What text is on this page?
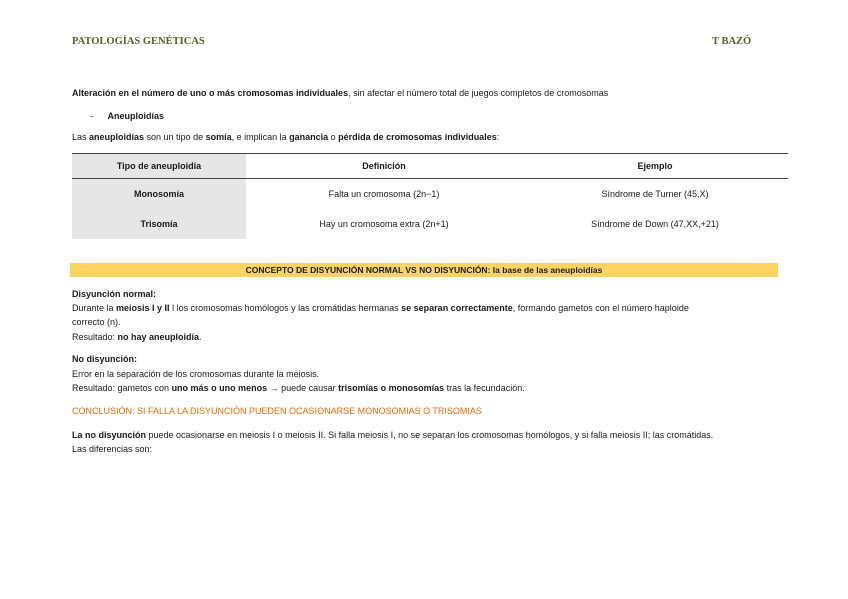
PATOLOGÍAS GENÉTICAS	T BAZÓ
Alteración en el número de uno o más cromosomas individuales, sin afectar el número total de juegos completos de cromosomas
- Aneuploidías
Las aneuploidías son un tipo de somía, e implican la ganancia o pérdida de cromosomas individuales:
Tipo de aneuploidía	Definición	Ejemplo
Monosomía	Falta un cromosoma (2n−1)	Síndrome de Turner (45,X)
Trisomía	Hay un cromosoma extra (2n+1)	Síndrome de Down (47,XX,+21)
CONCEPTO DE DISYUNCIÓN NORMAL VS NO DISYUNCIÓN: la base de las aneuploidías
Disyunción normal:
Durante la meiosis I y II l los cromosomas homólogos y las cromátidas hermanas se separan correctamente, formando gametos con el número haploide
correcto (n).
Resultado: no hay aneuploidía.
No disyunción:
Error en la separación de los cromosomas durante la meiosis.
Resultado: gametos con uno más o uno menos → puede causar trisomías o monosomías tras la fecundación.
CONCLUSIÓN: SI FALLA LA DISYUNCIÓN PUEDEN OCASIONARSE MONOSOMIAS O TRISOMIAS
La no disyunción puede ocasionarse en meiosis I o meiosis II. Si falla meiosis I, no se separan los cromosomas homólogos, y si falla meiosis II; las cromátidas.
Las diferencias son:
